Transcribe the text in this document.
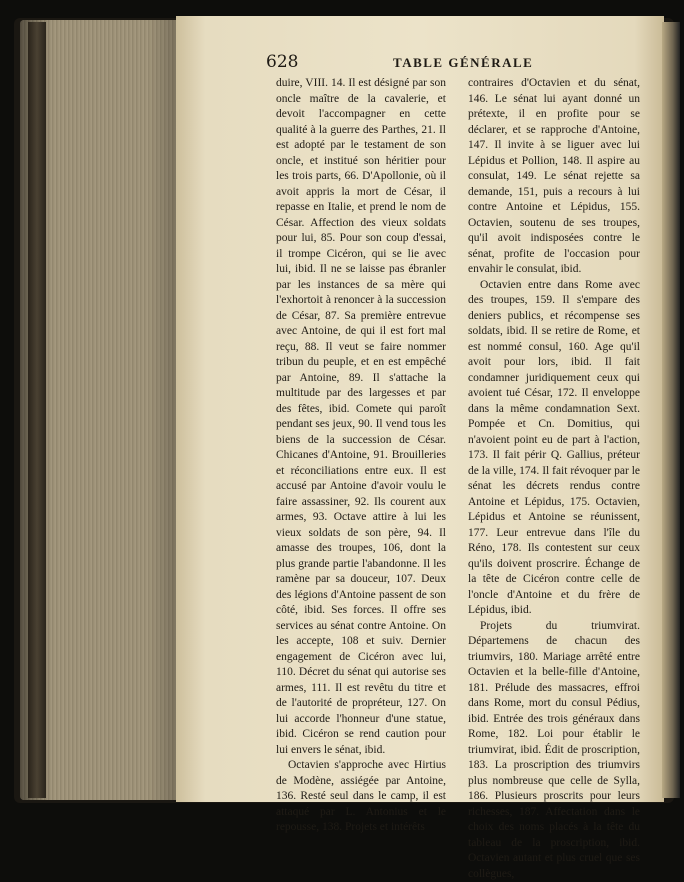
628	TABLE GÉNÉRALE

duire, VIII. 14. Il est désigné par son oncle maître de la cavalerie, et devoit l'accompagner en cette qualité à la guerre des Parthes, 21. Il est adopté par le testament de son oncle, et institué son héritier pour les trois parts, 66. D'Apollonie, où il avoit appris la mort de César, il repasse en Italie, et prend le nom de César. Affection des vieux soldats pour lui, 85. Pour son coup d'essai, il trompe Cicéron, qui se lie avec lui, ibid. Il ne se laisse pas ébranler par les instances de sa mère qui l'exhortoit à renoncer à la succession de César, 87. Sa première entrevue avec Antoine, de qui il est fort mal reçu, 88. Il veut se faire nommer tribun du peuple, et en est empêché par Antoine, 89. Il s'attache la multitude par des largesses et par des fêtes, ibid. Comete qui paroît pendant ses jeux, 90. Il vend tous les biens de la succession de César. Chicanes d'Antoine, 91. Brouilleries et réconciliations entre eux. Il est accusé par Antoine d'avoir voulu le faire assassiner, 92. Ils courent aux armes, 93. Octave attire à lui les vieux soldats de son père, 94. Il amasse des troupes, 106, dont la plus grande partie l'abandonne. Il les ramène par sa douceur, 107. Deux des légions d'Antoine passent de son côté, ibid. Ses forces. Il offre ses services au sénat contre Antoine. On les accepte, 108 et suiv. Dernier engagement de Cicéron avec lui, 110. Décret du sénat qui autorise ses armes, 111. Il est revêtu du titre et de l'autorité de propréteur, 127. On lui accorde l'honneur d'une statue, ibid. Cicéron se rend caution pour lui envers le sénat, ibid.

Octavien s'approche avec Hirtius de Modène, assiégée par Antoine, 136. Resté seul dans le camp, il est attaqué par L. Antonius et le repousse, 138. Projets et intérêts

contraires d'Octavien et du sénat, 146. Le sénat lui ayant donné un prétexte, il en profite pour se déclarer, et se rapproche d'Antoine, 147. Il invite à se liguer avec lui Lépidus et Pollion, 148. Il aspire au consulat, 149. Le sénat rejette sa demande, 151, puis a recours à lui contre Antoine et Lépidus, 155. Octavien, soutenu de ses troupes, qu'il avoit indisposées contre le sénat, profite de l'occasion pour envahir le consulat, ibid.

Octavien entre dans Rome avec des troupes, 159. Il s'empare des deniers publics, et récompense ses soldats, ibid. Il se retire de Rome, et est nommé consul, 160. Age qu'il avoit pour lors, ibid. Il fait condamner juridiquement ceux qui avoient tué César, 172. Il enveloppe dans la même condamnation Sext. Pompée et Cn. Domitius, qui n'avoient point eu de part à l'action, 173. Il fait périr Q. Gallius, préteur de la ville, 174. Il fait révoquer par le sénat les décrets rendus contre Antoine et Lépidus, 175. Octavien, Lépidus et Antoine se réunissent, 177. Leur entrevue dans l'île du Réno, 178. Ils contestent sur ceux qu'ils doivent proscrire. Échange de la tête de Cicéron contre celle de l'oncle d'Antoine et du frère de Lépidus, ibid.

Projets du triumvirat. Départemens de chacun des triumvirs, 180. Mariage arrêté entre Octavien et la belle-fille d'Antoine, 181. Prélude des massacres, effroi dans Rome, mort du consul Pédius, ibid. Entrée des trois généraux dans Rome, 182. Loi pour établir le triumvirat, ibid. Édit de proscription, 183. La proscription des triumvirs plus nombreuse que celle de Sylla, 186. Plusieurs proscrits pour leurs richesses, 187. Affectation dans le choix des noms placés à la tête du tableau de la proscription, ibid. Octavien autant et plus cruel que ses collègues,
